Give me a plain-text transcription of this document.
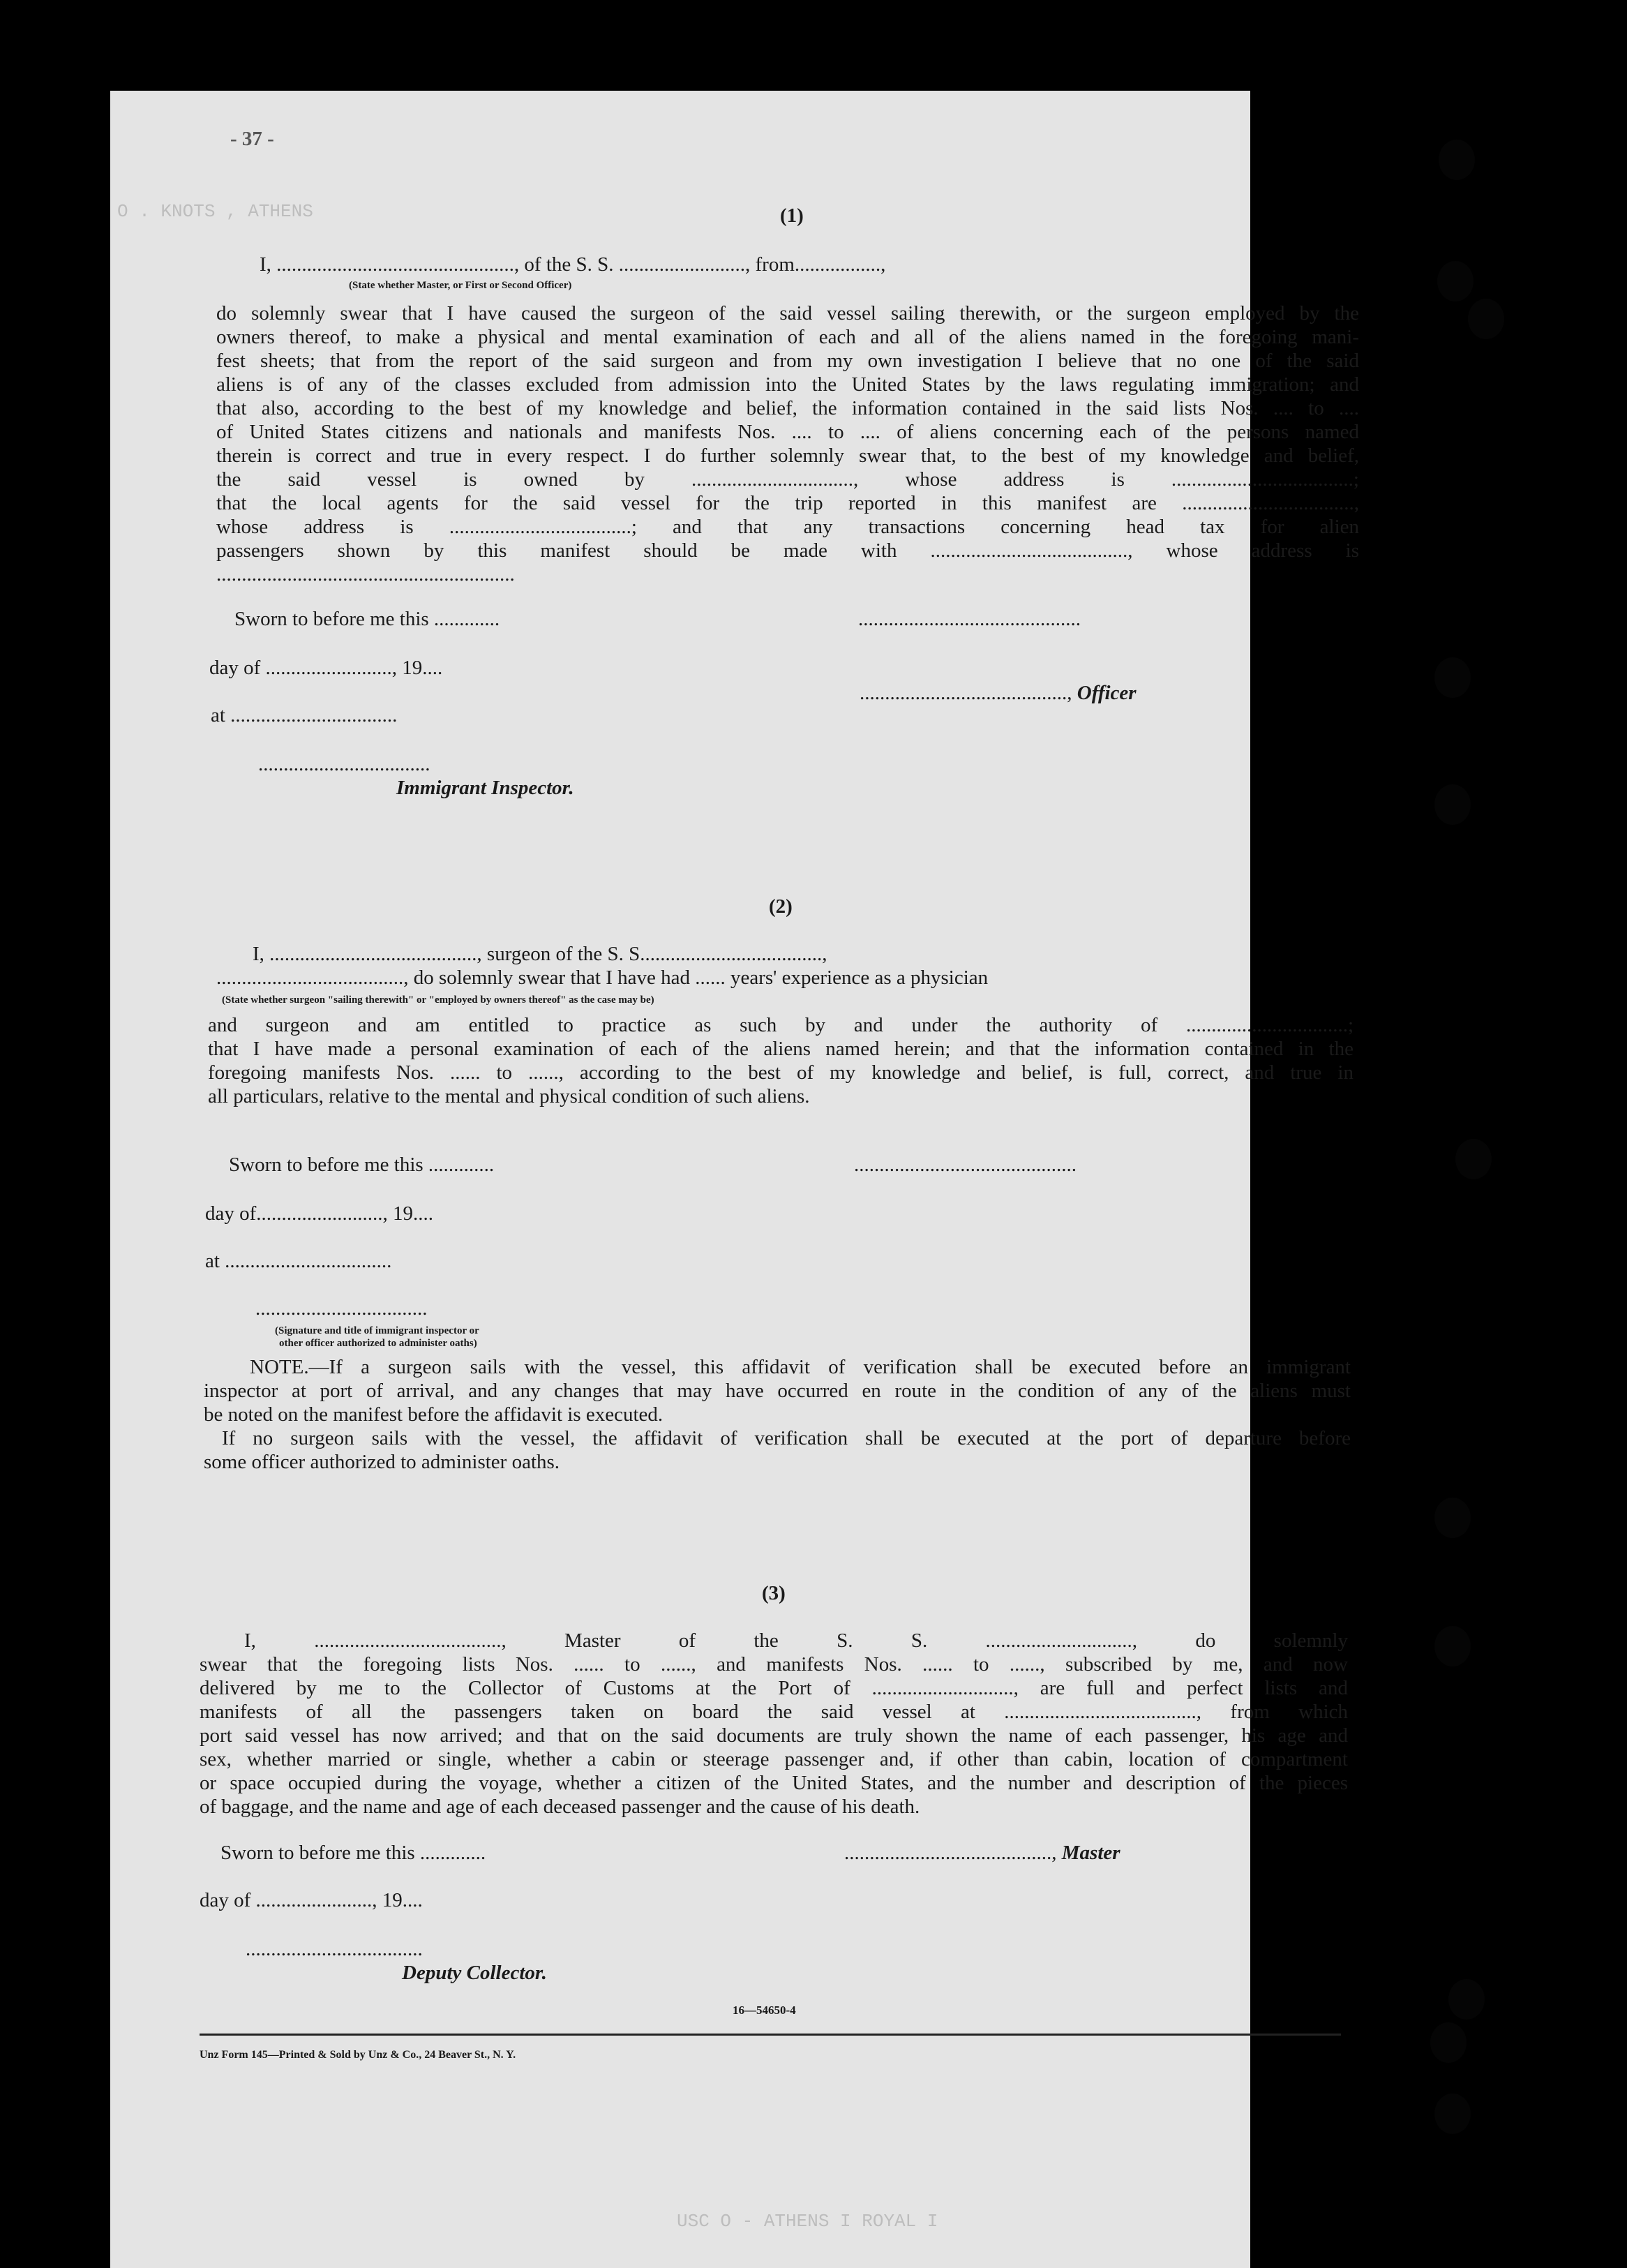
O . KNOTS , ATHENS
USC O - ATHENS I ROYAL I
- 37 -
(1)
I, ..............................................., of the S. S. ........................., from.................,
(State whether Master, or First or Second Officer)
do solemnly swear that I have caused the surgeon of the said vessel sailing therewith, or the surgeon employed by the
owners thereof, to make a physical and mental examination of each and all of the aliens named in the foregoing mani-
fest sheets; that from the report of the said surgeon and from my own investigation I believe that no one of the said
aliens is of any of the classes excluded from admission into the United States by the laws regulating immigration; and
that also, according to the best of my knowledge and belief, the information contained in the said lists Nos. .... to ....
of United States citizens and nationals and manifests Nos. .... to .... of aliens concerning each of the persons named
therein is correct and true in every respect. I do further solemnly swear that, to the best of my knowledge and belief,
the said vessel is owned by ................................, whose address is ....................................;
that the local agents for the said vessel for the trip reported in this manifest are ..................................,
whose address is ....................................; and that any transactions concerning head tax for alien
passengers shown by this manifest should be made with ......................................., whose address is
...........................................................
Sworn to before me this .............	............................................
day of ........................., 19....
........................................., Officer
at .................................
..................................
Immigrant Inspector.
(2)
I, ........................................., surgeon of the S. S....................................,
....................................., do solemnly swear that I have had ...... years' experience as a physician
(State whether surgeon "sailing therewith" or "employed by owners thereof" as the case may be)
and surgeon and am entitled to practice as such by and under the authority of ................................;
that I have made a personal examination of each of the aliens named herein; and that the information contained in the
foregoing manifests Nos. ...... to ......, according to the best of my knowledge and belief, is full, correct, and true in
all particulars, relative to the mental and physical condition of such aliens.
Sworn to before me this .............	............................................
day of........................., 19....
at .................................
..................................
(Signature and title of immigrant inspector or
other officer authorized to administer oaths)
NOTE.—If a surgeon sails with the vessel, this affidavit of verification shall be executed before an immigrant
inspector at port of arrival, and any changes that may have occurred en route in the condition of any of the aliens must
be noted on the manifest before the affidavit is executed.
If no surgeon sails with the vessel, the affidavit of verification shall be executed at the port of departure before
some officer authorized to administer oaths.
(3)
I, ....................................., Master of the S. S. ............................., do solemnly
swear that the foregoing lists Nos. ...... to ......, and manifests Nos. ...... to ......, subscribed by me, and now
delivered by me to the Collector of Customs at the Port of ............................, are full and perfect lists and
manifests of all the passengers taken on board the said vessel at ......................................, from which
port said vessel has now arrived; and that on the said documents are truly shown the name of each passenger, his age and
sex, whether married or single, whether a cabin or steerage passenger and, if other than cabin, location of compartment
or space occupied during the voyage, whether a citizen of the United States, and the number and description of the pieces
of baggage, and the name and age of each deceased passenger and the cause of his death.
Sworn to before me this .............	........................................., Master
day of ......................., 19....
...................................
Deputy Collector.
16—54650-4
Unz Form 145—Printed & Sold by Unz & Co., 24 Beaver St., N. Y.
